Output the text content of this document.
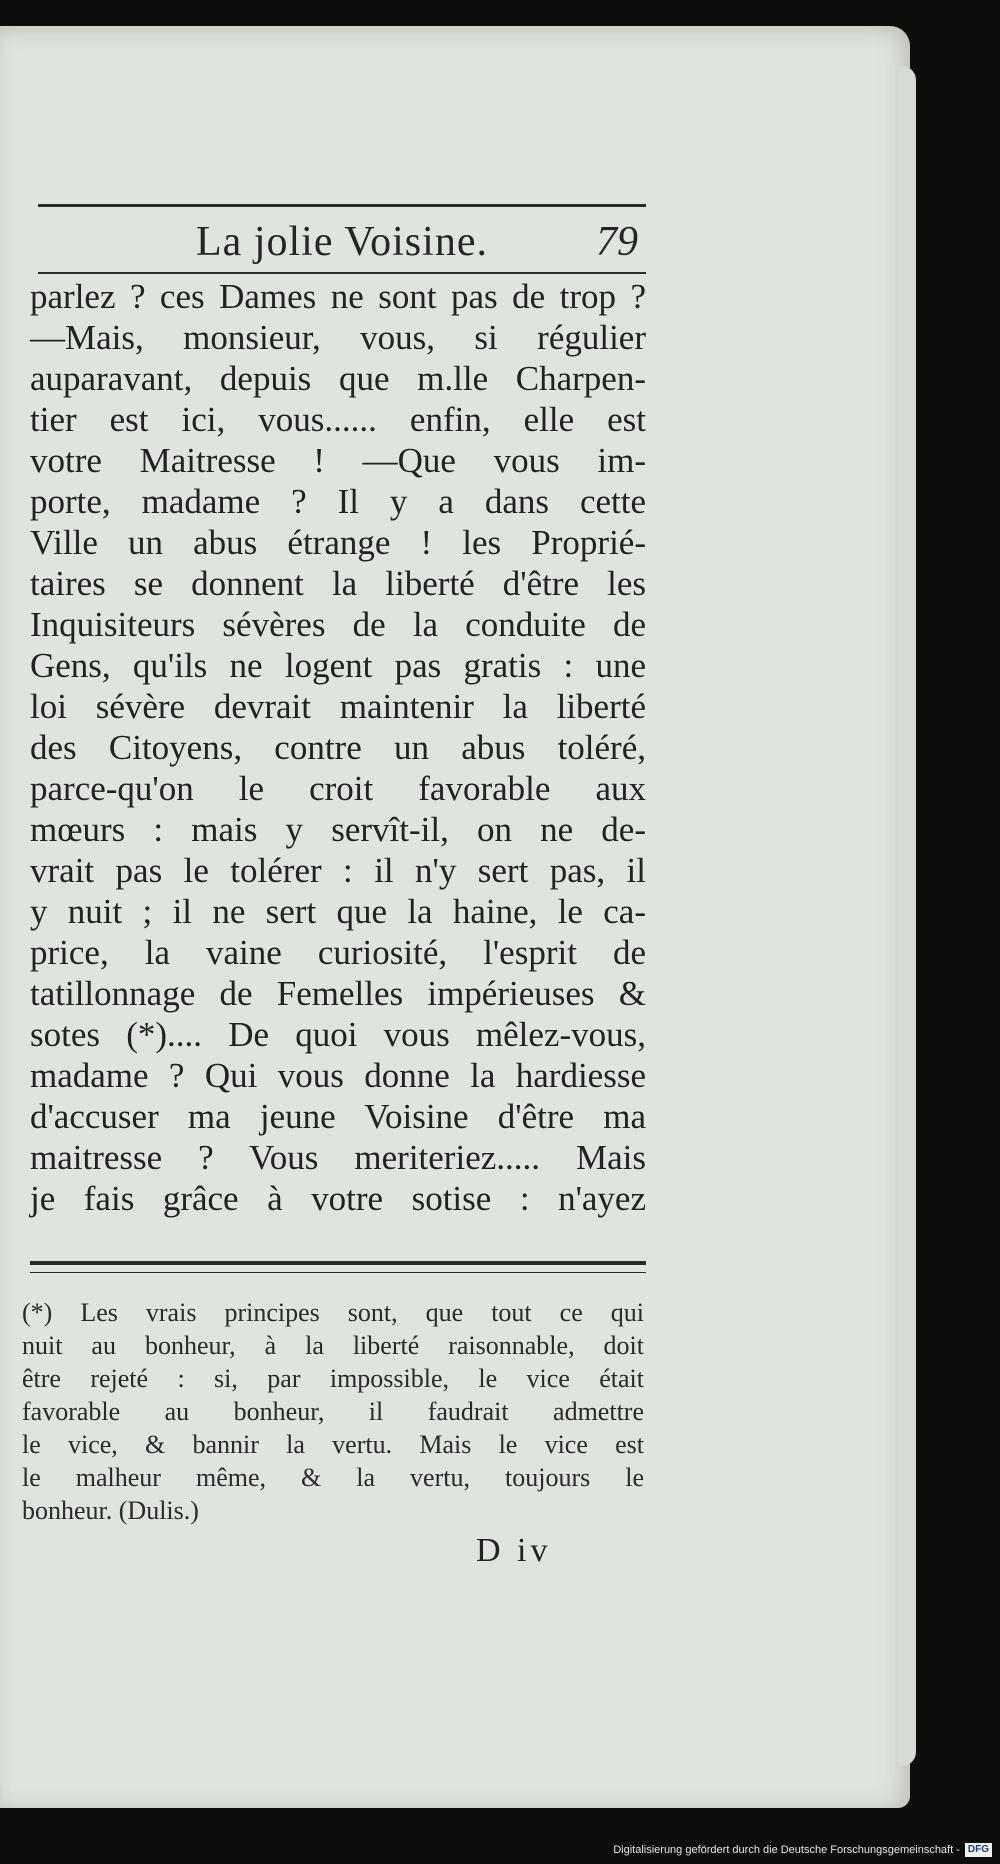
La jolie Voisine.	79
parlez ? ces Dames ne sont pas de trop ?
—Mais, monsieur, vous, si régulier
auparavant, depuis que m.lle Charpen-
tier est ici, vous...... enfin, elle est
votre Maitresse ! —Que vous im-
porte, madame ? Il y a dans cette
Ville un abus étrange ! les Proprié-
taires se donnent la liberté d'être les
Inquisiteurs sévères de la conduite de
Gens, qu'ils ne logent pas gratis : une
loi sévère devrait maintenir la liberté
des Citoyens, contre un abus toléré,
parce-qu'on le croit favorable aux
mœurs : mais y servît-il, on ne de-
vrait pas le tolérer : il n'y sert pas, il
y nuit ; il ne sert que la haine, le ca-
price, la vaine curiosité, l'esprit de
tatillonnage de Femelles impérieuses &
sotes (*).... De quoi vous mêlez-vous,
madame ? Qui vous donne la hardiesse
d'accuser ma jeune Voisine d'être ma
maitresse ? Vous meriteriez..... Mais
je fais grâce à votre sotise : n'ayez
(*) Les vrais principes sont, que tout ce qui
nuit au bonheur, à la liberté raisonnable, doit
être rejeté : si, par impossible, le vice était
favorable au bonheur, il faudrait admettre
le vice, & bannir la vertu. Mais le vice est
le malheur même, & la vertu, toujours le
bonheur. (Dulis.)
D iv
Digitalisierung gefördert durch die Deutsche Forschungsgemeinschaft - DFG
